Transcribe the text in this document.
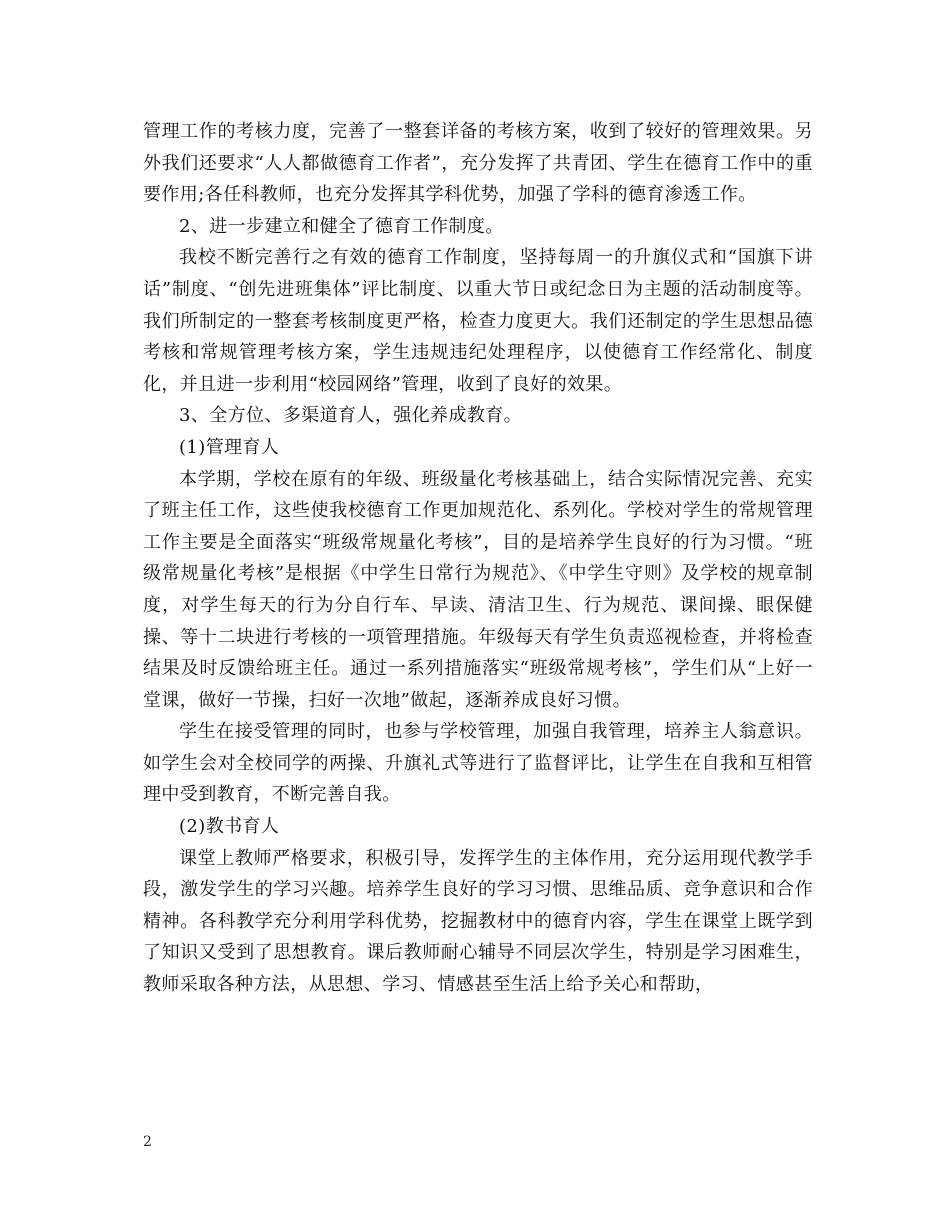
管理工作的考核力度，完善了一整套详备的考核方案，收到了较好的管理效果。另外我们还要求“人人都做德育工作者”，充分发挥了共青团、学生在德育工作中的重要作用;各任科教师，也充分发挥其学科优势，加强了学科的德育渗透工作。

2、进一步建立和健全了德育工作制度。

我校不断完善行之有效的德育工作制度，坚持每周一的升旗仪式和“国旗下讲话”制度、“创先进班集体”评比制度、以重大节日或纪念日为主题的活动制度等。我们所制定的一整套考核制度更严格，检查力度更大。我们还制定的学生思想品德考核和常规管理考核方案，学生违规违纪处理程序，以使德育工作经常化、制度化，并且进一步利用“校园网络”管理，收到了良好的效果。

3、全方位、多渠道育人，强化养成教育。

(1)管理育人

本学期，学校在原有的年级、班级量化考核基础上，结合实际情况完善、充实了班主任工作，这些使我校德育工作更加规范化、系列化。学校对学生的常规管理工作主要是全面落实“班级常规量化考核”，目的是培养学生良好的行为习惯。“班级常规量化考核”是根据《中学生日常行为规范》、《中学生守则》及学校的规章制度，对学生每天的行为分自行车、早读、清洁卫生、行为规范、课间操、眼保健操、等十二块进行考核的一项管理措施。年级每天有学生负责巡视检查，并将检查结果及时反馈给班主任。通过一系列措施落实“班级常规考核”，学生们从“上好一堂课，做好一节操，扫好一次地”做起，逐渐养成良好习惯。

学生在接受管理的同时，也参与学校管理，加强自我管理，培养主人翁意识。如学生会对全校同学的两操、升旗礼式等进行了监督评比，让学生在自我和互相管理中受到教育，不断完善自我。

(2)教书育人

课堂上教师严格要求，积极引导，发挥学生的主体作用，充分运用现代教学手段，激发学生的学习兴趣。培养学生良好的学习习惯、思维品质、竞争意识和合作精神。各科教学充分利用学科优势，挖掘教材中的德育内容，学生在课堂上既学到了知识又受到了思想教育。课后教师耐心辅导不同层次学生，特别是学习困难生，教师采取各种方法，从思想、学习、情感甚至生活上给予关心和帮助，

2
